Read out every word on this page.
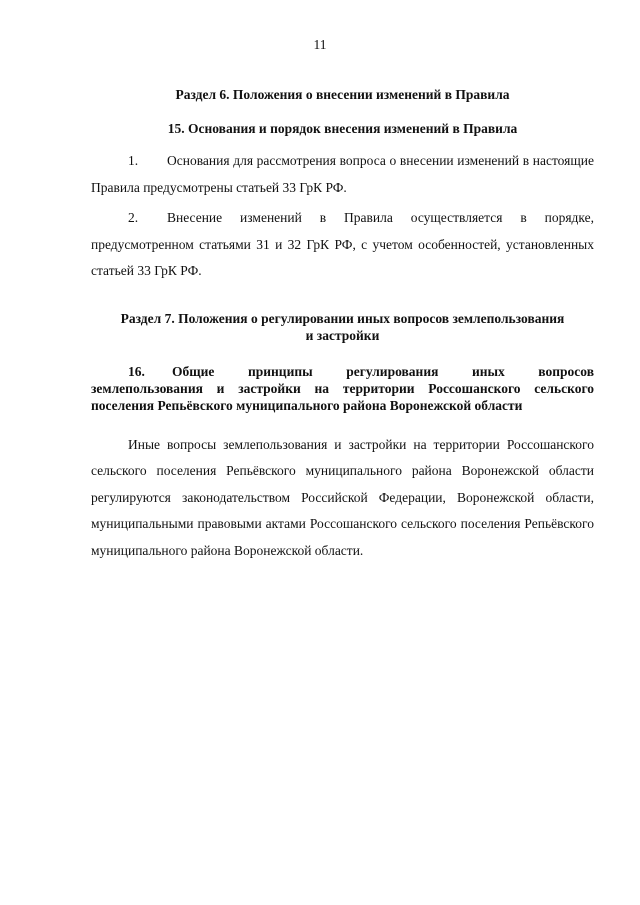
11

Раздел 6. Положения о внесении изменений в Правила

15. Основания и порядок внесения изменений в Правила

1. Основания для рассмотрения вопроса о внесении изменений в настоящие Правила предусмотрены статьей 33 ГрК РФ.

2. Внесение изменений в Правила осуществляется в порядке, предусмотренном статьями 31 и 32 ГрК РФ, с учетом особенностей, установленных статьей 33 ГрК РФ.

Раздел 7. Положения о регулировании иных вопросов землепользования
и застройки

16. Общие принципы регулирования иных вопросов
землепользования и застройки на территории Россошанского сельского поселения Репьёвского муниципального района Воронежской области

Иные вопросы землепользования и застройки на территории Россошанского сельского поселения Репьёвского муниципального района Воронежской области регулируются законодательством Российской Федерации, Воронежской области, муниципальными правовыми актами Россошанского сельского поселения Репьёвского муниципального района Воронежской области.
